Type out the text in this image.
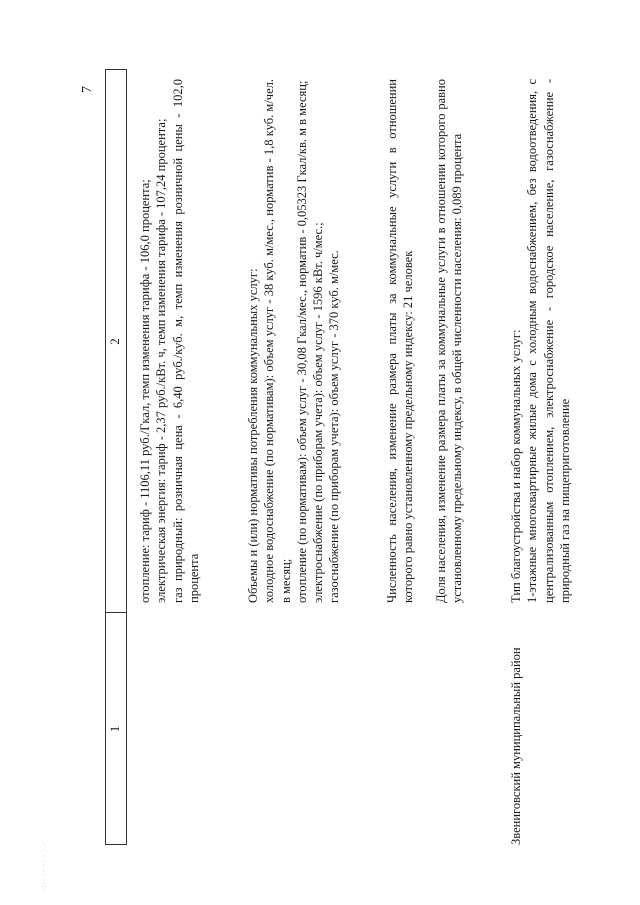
7
·:·· ·· ·. · ·.·
1
2 отопление: тариф - 1106,11 руб./Гкал, темп изменения тарифа - 106,0 процента; электрическая энергия: тариф - 2,37 руб./кВт. ч, темп изменения тарифа - 107,24 процента; газ природный: розничная цена - 6,40 руб./куб. м, темп изменения розничной цены - 102,0 процента	Объемы и (или) нормативы потребления коммунальных услуг: холодное водоснабжение (по нормативам): объем услуг - 38 куб. м/мес., норматив - 1,8 куб. м/чел. в месяц; отопление (по нормативам): объем услуг - 30,08 Гкал/мес., норматив - 0,05323 Гкал/кв. м в месяц; электроснабжение (по приборам учета): объем услуг - 1596 кВт. ч/мес.; газоснабжение (по приборам учета): объем услуг - 370 куб. м/мес.	Численность населения, изменение размера платы за коммунальные услуги в отношении которого равно установленному предельному индексу: 21 человек Доля населения, изменение размера платы за коммунальные услуги в отношении которого равно установленному предельному индексу, в общей численности населения: 0,089 процента

Звениговский муниципальный район

Тип благоустройства и набор коммунальных услуг: 1-этажные многоквартирные жилые дома с холодным водоснабжением, без водоотведения, с централизованным отоплением, электроснабжение - городское население, газоснабжение - природный газ на пищеприготовление
